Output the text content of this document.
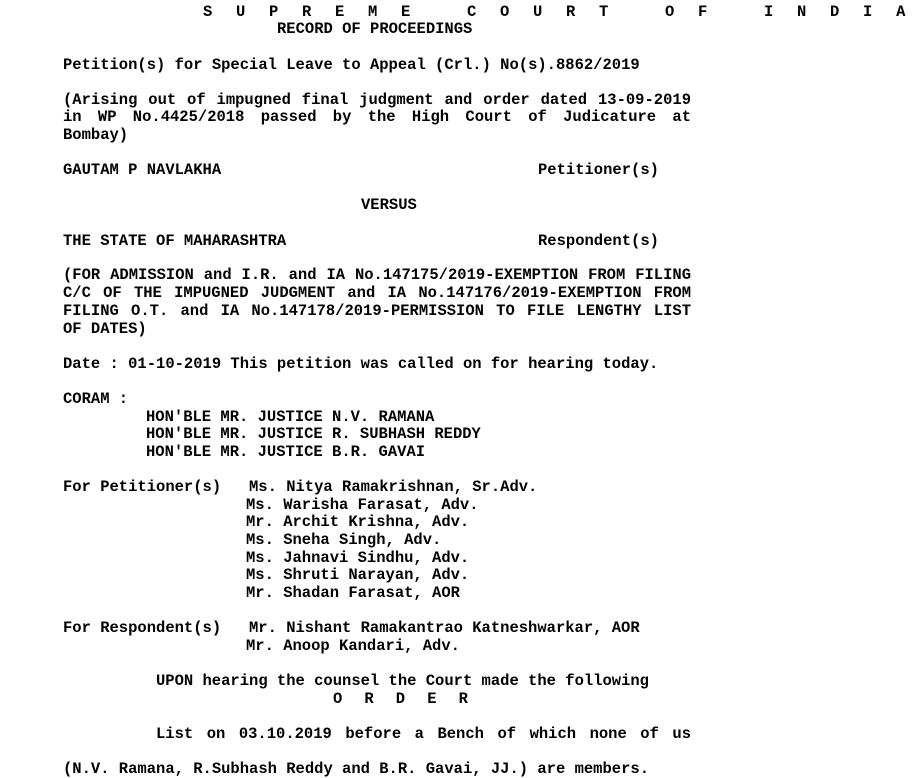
S U P R E M E   C O U R T   O F   I N D I A
RECORD OF PROCEEDINGS
Petition(s) for Special Leave to Appeal (Crl.) No(s).8862/2019
(Arising out of impugned final judgment and order dated 13-09-2019
in WP No.4425/2018 passed by the High Court of Judicature at
Bombay)
GAUTAM P NAVLAKHA	Petitioner(s)
VERSUS
THE STATE OF MAHARASHTRA	Respondent(s)
(FOR ADMISSION and I.R. and IA No.147175/2019-EXEMPTION FROM FILING
C/C OF THE IMPUGNED JUDGMENT and IA No.147176/2019-EXEMPTION FROM
FILING O.T. and IA No.147178/2019-PERMISSION TO FILE LENGTHY LIST
OF DATES)
Date : 01-10-2019 This petition was called on for hearing today.
CORAM :
HON'BLE MR. JUSTICE N.V. RAMANA
HON'BLE MR. JUSTICE R. SUBHASH REDDY
HON'BLE MR. JUSTICE B.R. GAVAI
For Petitioner(s) Ms. Nitya Ramakrishnan, Sr.Adv.
Ms. Warisha Farasat, Adv.
Mr. Archit Krishna, Adv.
Ms. Sneha Singh, Adv.
Ms. Jahnavi Sindhu, Adv.
Ms. Shruti Narayan, Adv.
Mr. Shadan Farasat, AOR
For Respondent(s) Mr. Nishant Ramakantrao Katneshwarkar, AOR
Mr. Anoop Kandari, Adv.
UPON hearing the counsel the Court made the following
O R D E R
List on 03.10.2019 before a Bench of which none of us
(N.V. Ramana, R.Subhash Reddy and B.R. Gavai, JJ.) are members.
